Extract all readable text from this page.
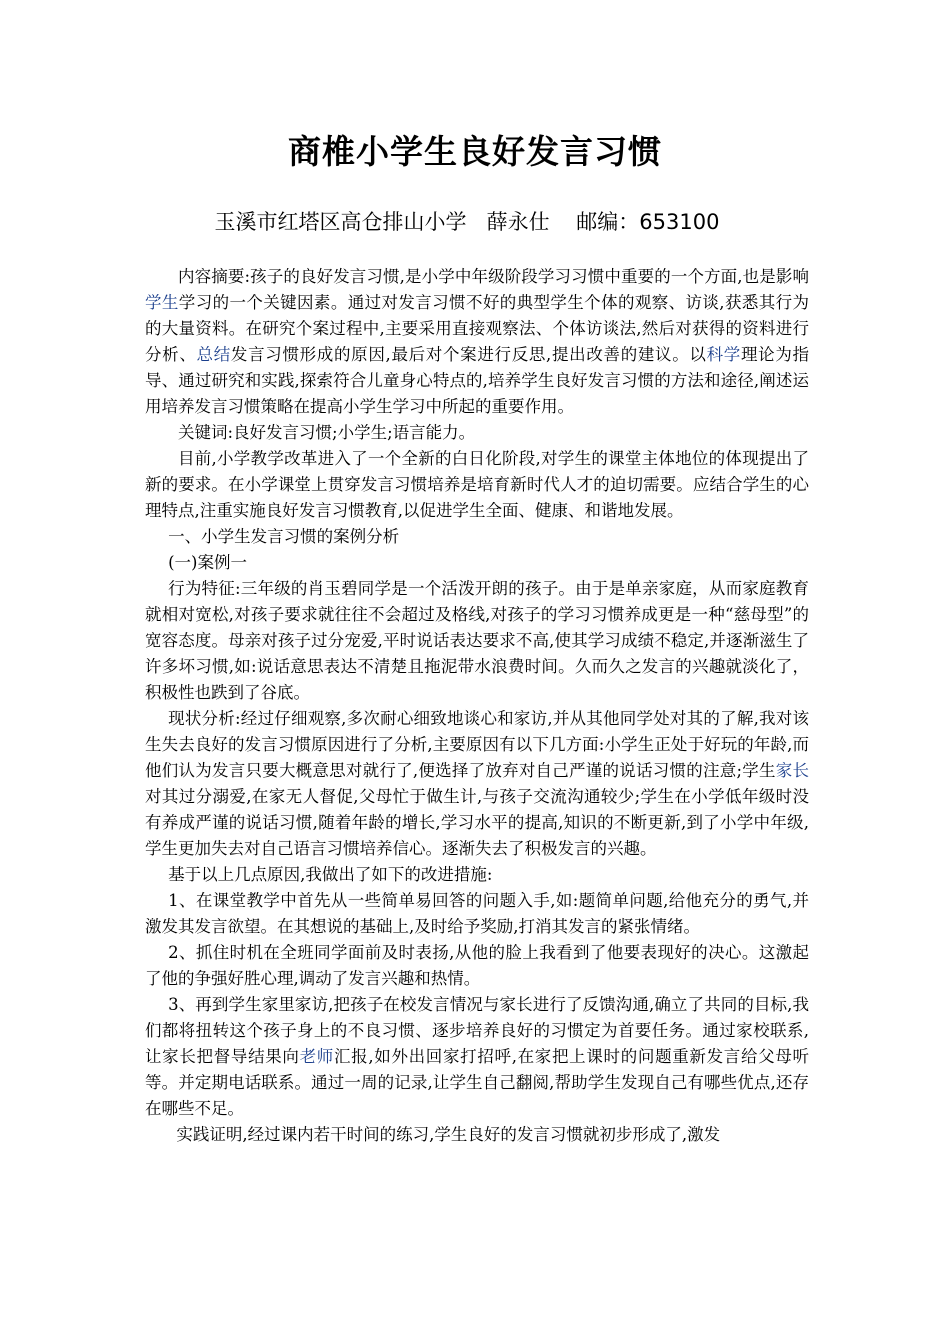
商椎小学生良好发言习惯
玉溪市红塔区高仓排山小学 薛永仕 邮编：653100

内容摘要:孩子的良好发言习惯,是小学中年级阶段学习习惯中重要的一个方面,也是影响学生学习的一个关键因素。通过对发言习惯不好的典型学生个体的观察、访谈,获悉其行为的大量资料。在研究个案过程中,主要采用直接观察法、个体访谈法,然后对获得的资料进行分析、总结发言习惯形成的原因,最后对个案进行反思,提出改善的建议。以科学理论为指导、通过研究和实践,探索符合儿童身心特点的,培养学生良好发言习惯的方法和途径,阐述运用培养发言习惯策略在提高小学生学习中所起的重要作用。

关键词:良好发言习惯;小学生;语言能力。

目前,小学教学改革进入了一个全新的白日化阶段,对学生的课堂主体地位的体现提出了新的要求。在小学课堂上贯穿发言习惯培养是培育新时代人才的迫切需要。应结合学生的心理特点,注重实施良好发言习惯教育,以促进学生全面、健康、和谐地发展。

一、小学生发言习惯的案例分析

(一)案例一

行为特征:三年级的肖玉碧同学是一个活泼开朗的孩子。由于是单亲家庭，从而家庭教育就相对宽松,对孩子要求就往往不会超过及格线,对孩子的学习习惯养成更是一种“慈母型”的宽容态度。母亲对孩子过分宠爱,平时说话表达要求不高,使其学习成绩不稳定,并逐渐滋生了许多坏习惯,如:说话意思表达不清楚且拖泥带水浪费时间。久而久之发言的兴趣就淡化了，积极性也跌到了谷底。

现状分析:经过仔细观察,多次耐心细致地谈心和家访,并从其他同学处对其的了解,我对该生失去良好的发言习惯原因进行了分析,主要原因有以下几方面:小学生正处于好玩的年龄,而他们认为发言只要大概意思对就行了,便选择了放弃对自己严谨的说话习惯的注意;学生家长对其过分溺爱,在家无人督促,父母忙于做生计,与孩子交流沟通较少;学生在小学低年级时没有养成严谨的说话习惯,随着年龄的增长,学习水平的提高,知识的不断更新,到了小学中年级,学生更加失去对自己语言习惯培养信心。逐渐失去了积极发言的兴趣。

基于以上几点原因,我做出了如下的改进措施:

1、在课堂教学中首先从一些简单易回答的问题入手,如:题简单问题,给他充分的勇气,并激发其发言欲望。在其想说的基础上,及时给予奖励,打消其发言的紧张情绪。

2、抓住时机在全班同学面前及时表扬,从他的脸上我看到了他要表现好的决心。这激起了他的争强好胜心理,调动了发言兴趣和热情。

3、再到学生家里家访,把孩子在校发言情况与家长进行了反馈沟通,确立了共同的目标,我们都将扭转这个孩子身上的不良习惯、逐步培养良好的习惯定为首要任务。通过家校联系,让家长把督导结果向老师汇报,如外出回家打招呼,在家把上课时的问题重新发言给父母听等。并定期电话联系。通过一周的记录,让学生自己翻阅,帮助学生发现自己有哪些优点,还存在哪些不足。

实践证明,经过课内若干时间的练习,学生良好的发言习惯就初步形成了,激发
